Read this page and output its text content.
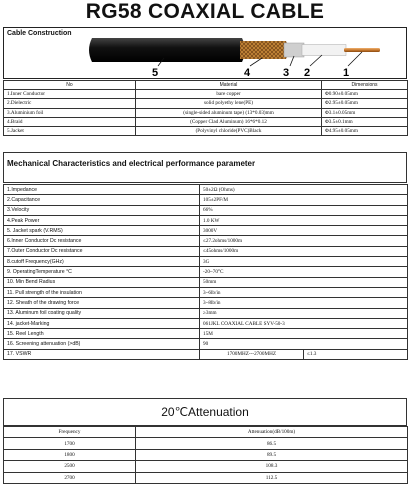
RG58 COAXIAL CABLE
Cable Construction
5	4	3 2	1
No	Material	Dimensions
1.Inner Conductor	bare copper	Φ0.90±0.05mm
2.Dielectric	solid polyethy lene(PE)	Φ2.95±0.05mm
3.Aluminium foil	(single-sided aluminum tape) (13*0.03)mm	Φ3.1±0.05mm
4.Braid	(Copper Clad Aluminum) 16*6*0.12	Φ3.5±0.1mm
5.Jacket	(Polyvinyl chloride(PVC)Black	Φ4.95±0.05mm
Mechanical Characteristics and electrical performance parameter
1.Impedance	50±2Ω (Ohms)	
2.Capacitance	105±2PF/M	
3.Velocity	66%	
4.Peak Power	1.0 KW	
5. Jacket spark (V.RMS)	3000V	
6.Inner Conductor Dc resistance	≤27.2ohms/1000m	
7.Outer Conductor Dc resistance	≤45ohms/1000m	
8.cutoff Frequency(GHz)	3G	
9. OperatingTemperature °C	-20~70°C	
10. Min Bend Radius	50mm	
11. Pull strength of the insulation	3~6lb/in	
12. Sheath of the drawing force	3~8lb/in	
13. Aluminum foil coating quality	≥3mm	
14. jacket-Marking	061JKL COAXIAL CABLE SYV-50-3	
15. Reel Length	15M	
16. Screening attenuation (>dB)	90	
17. VSWR	1700MHZ---2700MHZ	≤1.3
20℃Attenuation
Frequency	Attenuation(dB/100m)
1700	86.5
1800	89.5
2500	108.3
2700	112.5
